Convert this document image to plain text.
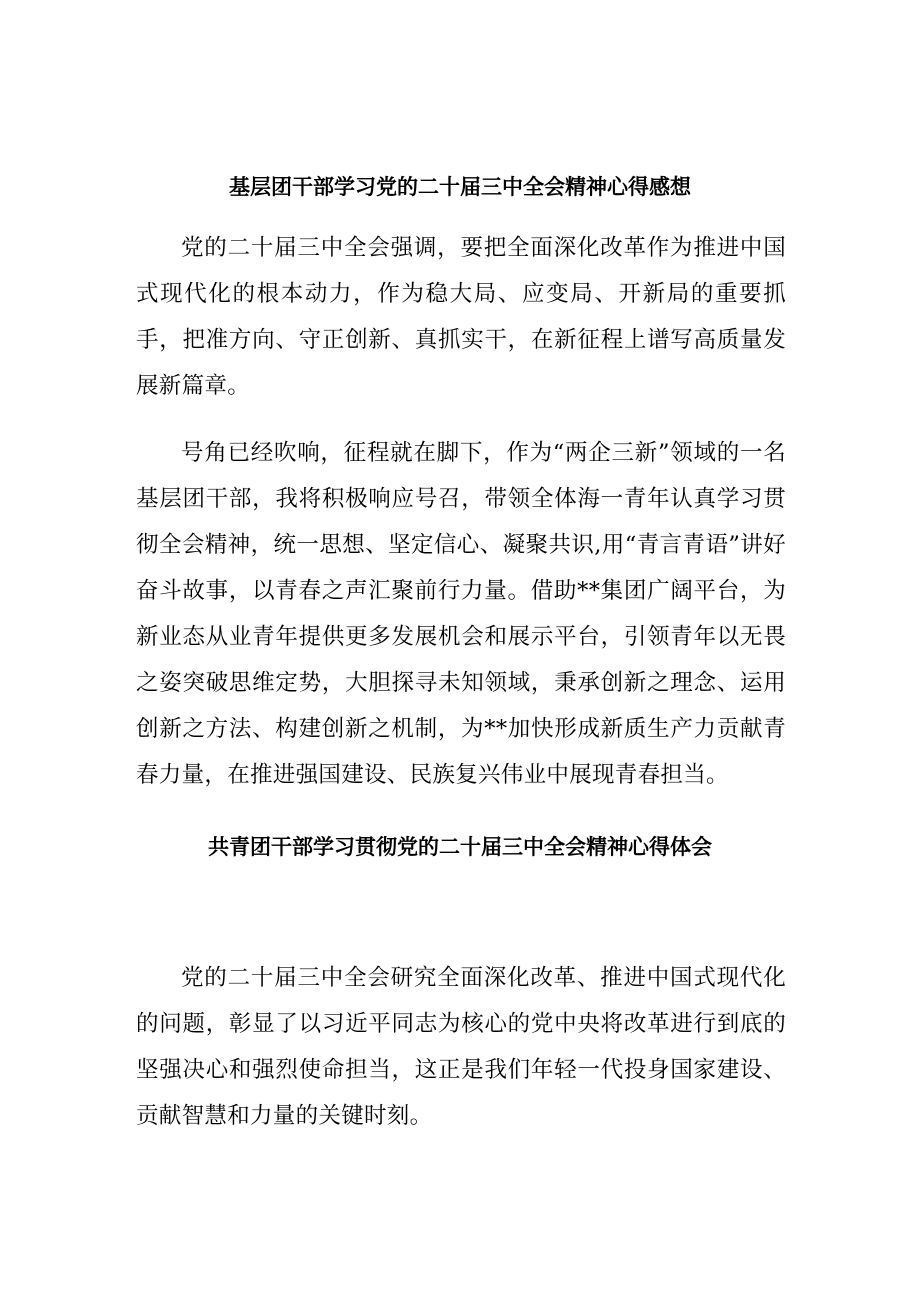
基层团干部学习党的二十届三中全会精神心得感想

党的二十届三中全会强调，要把全面深化改革作为推进中国式现代化的根本动力，作为稳大局、应变局、开新局的重要抓手，把准方向、守正创新、真抓实干，在新征程上谱写高质量发展新篇章。

号角已经吹响，征程就在脚下，作为“两企三新”领域的一名基层团干部，我将积极响应号召，带领全体海一青年认真学习贯彻全会精神，统一思想、坚定信心、凝聚共识,用“青言青语”讲好奋斗故事，以青春之声汇聚前行力量。借助**集团广阔平台，为新业态从业青年提供更多发展机会和展示平台，引领青年以无畏之姿突破思维定势，大胆探寻未知领域，秉承创新之理念、运用创新之方法、构建创新之机制，为**加快形成新质生产力贡献青春力量，在推进强国建设、民族复兴伟业中展现青春担当。

共青团干部学习贯彻党的二十届三中全会精神心得体会

党的二十届三中全会研究全面深化改革、推进中国式现代化的问题，彰显了以习近平同志为核心的党中央将改革进行到底的坚强决心和强烈使命担当，这正是我们年轻一代投身国家建设、贡献智慧和力量的关键时刻。
